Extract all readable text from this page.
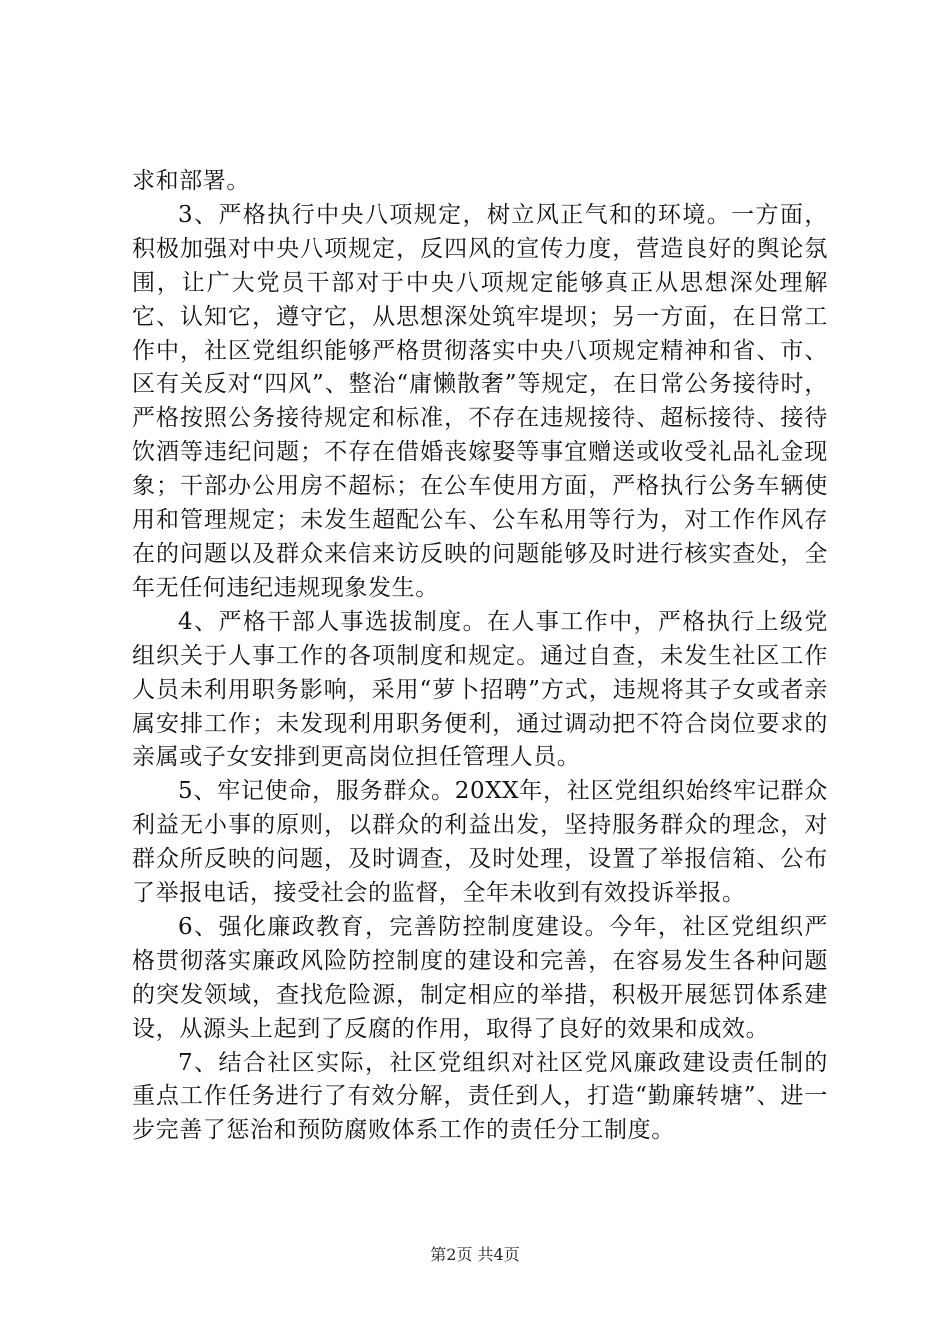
求和部署。

3、严格执行中央八项规定，树立风正气和的环境。一方面，积极加强对中央八项规定，反四风的宣传力度，营造良好的舆论氛围，让广大党员干部对于中央八项规定能够真正从思想深处理解它、认知它，遵守它，从思想深处筑牢堤坝；另一方面，在日常工作中，社区党组织能够严格贯彻落实中央八项规定精神和省、市、区有关反对“四风”、整治“庸懒散奢”等规定，在日常公务接待时，严格按照公务接待规定和标准，不存在违规接待、超标接待、接待饮酒等违纪问题；不存在借婚丧嫁娶等事宜赠送或收受礼品礼金现象；干部办公用房不超标；在公车使用方面，严格执行公务车辆使用和管理规定；未发生超配公车、公车私用等行为，对工作作风存在的问题以及群众来信来访反映的问题能够及时进行核实查处，全年无任何违纪违规现象发生。

4、严格干部人事选拔制度。在人事工作中，严格执行上级党组织关于人事工作的各项制度和规定。通过自查，未发生社区工作人员未利用职务影响，采用“萝卜招聘”方式，违规将其子女或者亲属安排工作；未发现利用职务便利，通过调动把不符合岗位要求的亲属或子女安排到更高岗位担任管理人员。

5、牢记使命，服务群众。20XX年，社区党组织始终牢记群众利益无小事的原则，以群众的利益出发，坚持服务群众的理念，对群众所反映的问题，及时调查，及时处理，设置了举报信箱、公布了举报电话，接受社会的监督，全年未收到有效投诉举报。

6、强化廉政教育，完善防控制度建设。今年，社区党组织严格贯彻落实廉政风险防控制度的建设和完善，在容易发生各种问题的突发领域，查找危险源，制定相应的举措，积极开展惩罚体系建设，从源头上起到了反腐的作用，取得了良好的效果和成效。

7、结合社区实际，社区党组织对社区党风廉政建设责任制的重点工作任务进行了有效分解，责任到人，打造“勤廉转塘”、进一步完善了惩治和预防腐败体系工作的责任分工制度。

第2页 共4页
